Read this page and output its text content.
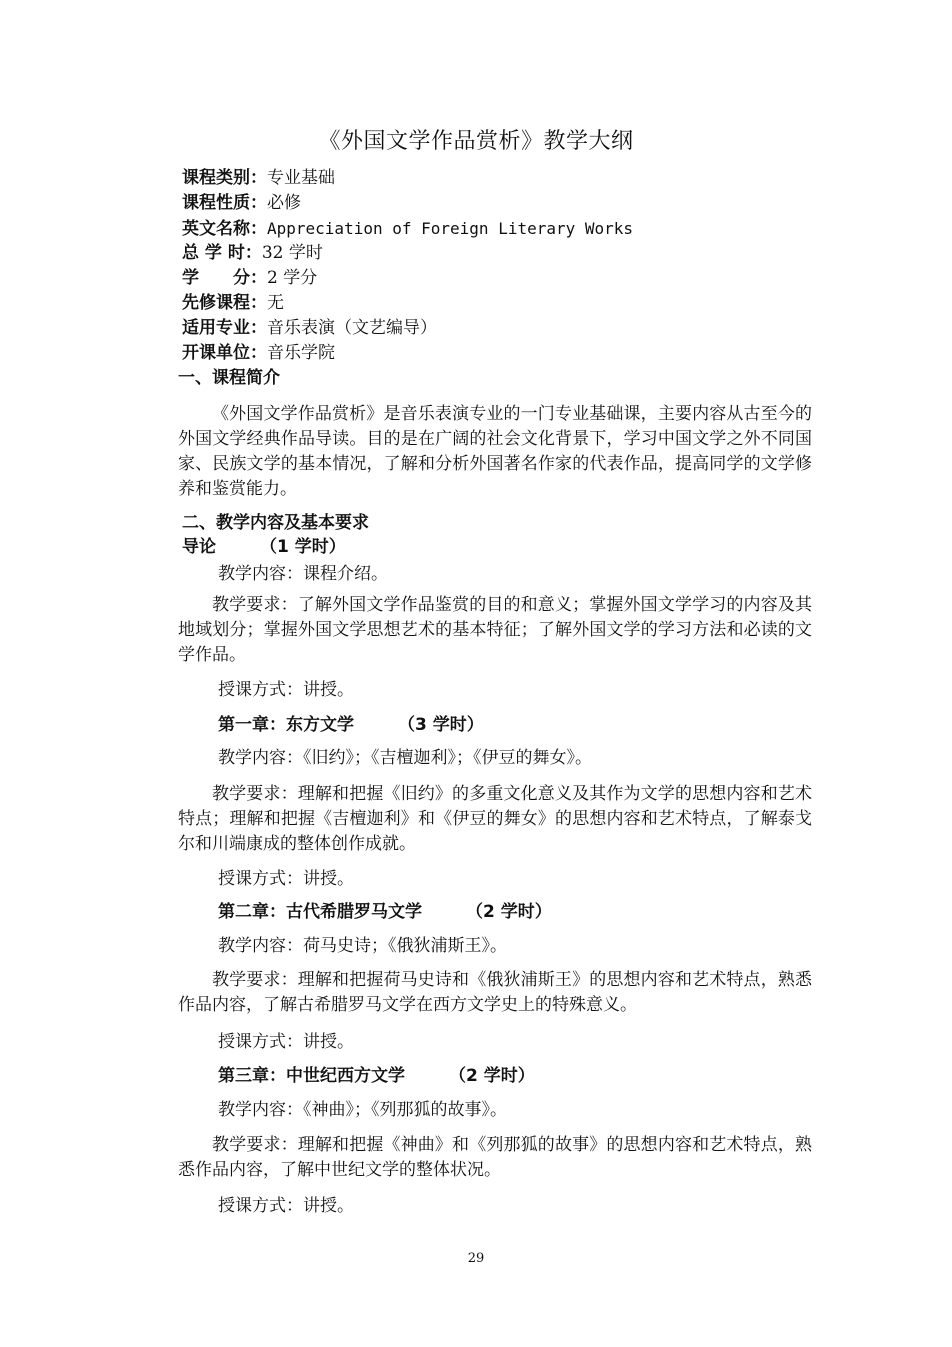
《外国文学作品赏析》教学大纲
课程类别：专业基础
课程性质：必修
英文名称：Appreciation of Foreign Literary Works
总 学 时：32 学时
学　　分：2 学分
先修课程：无
适用专业：音乐表演（文艺编导）
开课单位：音乐学院
一、课程简介
《外国文学作品赏析》是音乐表演专业的一门专业基础课，主要内容从古至今的外国文学经典作品导读。目的是在广阔的社会文化背景下，学习中国文学之外不同国家、民族文学的基本情况，了解和分析外国著名作家的代表作品，提高同学的文学修养和鉴赏能力。
二、教学内容及基本要求
导论	（1 学时）
教学内容：课程介绍。
教学要求：了解外国文学作品鉴赏的目的和意义；掌握外国文学学习的内容及其地域划分；掌握外国文学思想艺术的基本特征；了解外国文学的学习方法和必读的文学作品。
授课方式：讲授。
第一章：东方文学	（3 学时）
教学内容：《旧约》；《吉檀迦利》；《伊豆的舞女》。
教学要求：理解和把握《旧约》的多重文化意义及其作为文学的思想内容和艺术特点；理解和把握《吉檀迦利》和《伊豆的舞女》的思想内容和艺术特点，了解泰戈尔和川端康成的整体创作成就。
授课方式：讲授。
第二章：古代希腊罗马文学	（2 学时）
教学内容：荷马史诗；《俄狄浦斯王》。
教学要求：理解和把握荷马史诗和《俄狄浦斯王》的思想内容和艺术特点，熟悉作品内容，了解古希腊罗马文学在西方文学史上的特殊意义。
授课方式：讲授。
第三章：中世纪西方文学	（2 学时）
教学内容：《神曲》；《列那狐的故事》。
教学要求：理解和把握《神曲》和《列那狐的故事》的思想内容和艺术特点，熟悉作品内容，了解中世纪文学的整体状况。
授课方式：讲授。
29
